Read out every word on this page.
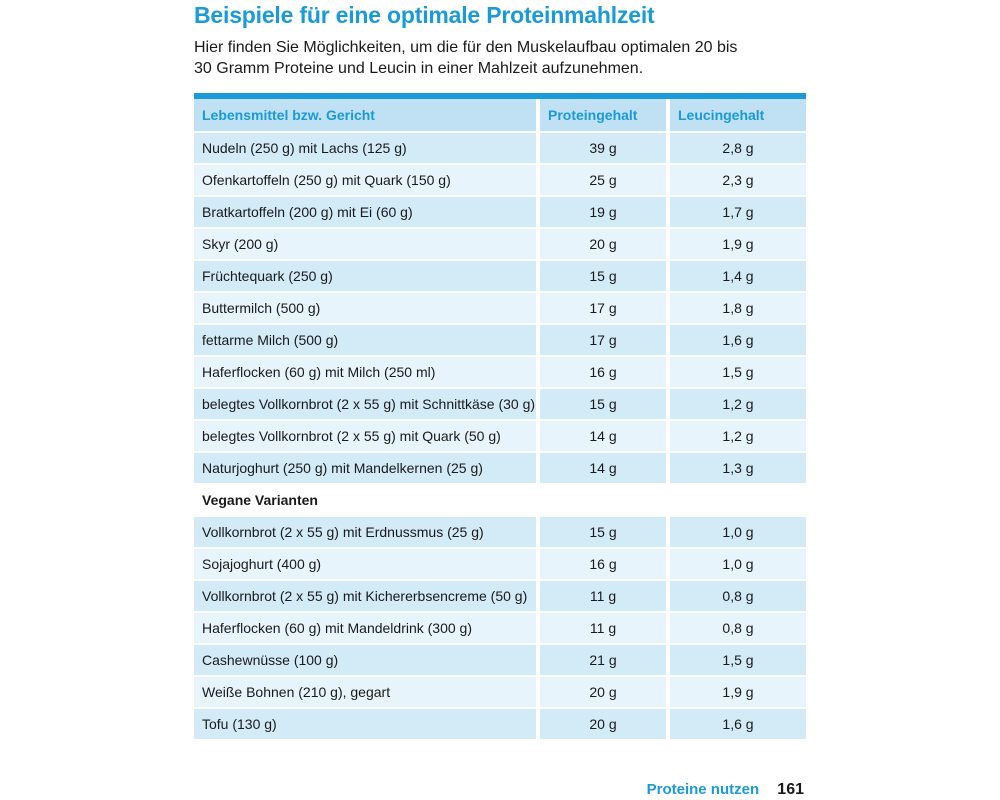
Beispiele für eine optimale Proteinmahlzeit

Hier finden Sie Möglichkeiten, um die für den Muskelaufbau optimalen 20 bis
30 Gramm Proteine und Leucin in einer Mahlzeit aufzunehmen.

Lebensmittel bzw. Gericht	Proteingehalt	Leucingehalt
Nudeln (250 g) mit Lachs (125 g)	39 g	2,8 g
Ofenkartoffeln (250 g) mit Quark (150 g)	25 g	2,3 g
Bratkartoffeln (200 g) mit Ei (60 g)	19 g	1,7 g
Skyr (200 g)	20 g	1,9 g
Früchtequark (250 g)	15 g	1,4 g
Buttermilch (500 g)	17 g	1,8 g
fettarme Milch (500 g)	17 g	1,6 g
Haferflocken (60 g) mit Milch (250 ml)	16 g	1,5 g
belegtes Vollkornbrot (2 x 55 g) mit Schnittkäse (30 g)	15 g	1,2 g
belegtes Vollkornbrot (2 x 55 g) mit Quark (50 g)	14 g	1,2 g
Naturjoghurt (250 g) mit Mandelkernen (25 g)	14 g	1,3 g
Vegane Varianten		
Vollkornbrot (2 x 55 g) mit Erdnussmus (25 g)	15 g	1,0 g
Sojajoghurt (400 g)	16 g	1,0 g
Vollkornbrot (2 x 55 g) mit Kichererbsencreme (50 g)	11 g	0,8 g
Haferflocken (60 g) mit Mandeldrink (300 g)	11 g	0,8 g
Cashewnüsse (100 g)	21 g	1,5 g
Weiße Bohnen (210 g), gegart	20 g	1,9 g
Tofu (130 g)	20 g	1,6 g
Proteine nutzen 161
